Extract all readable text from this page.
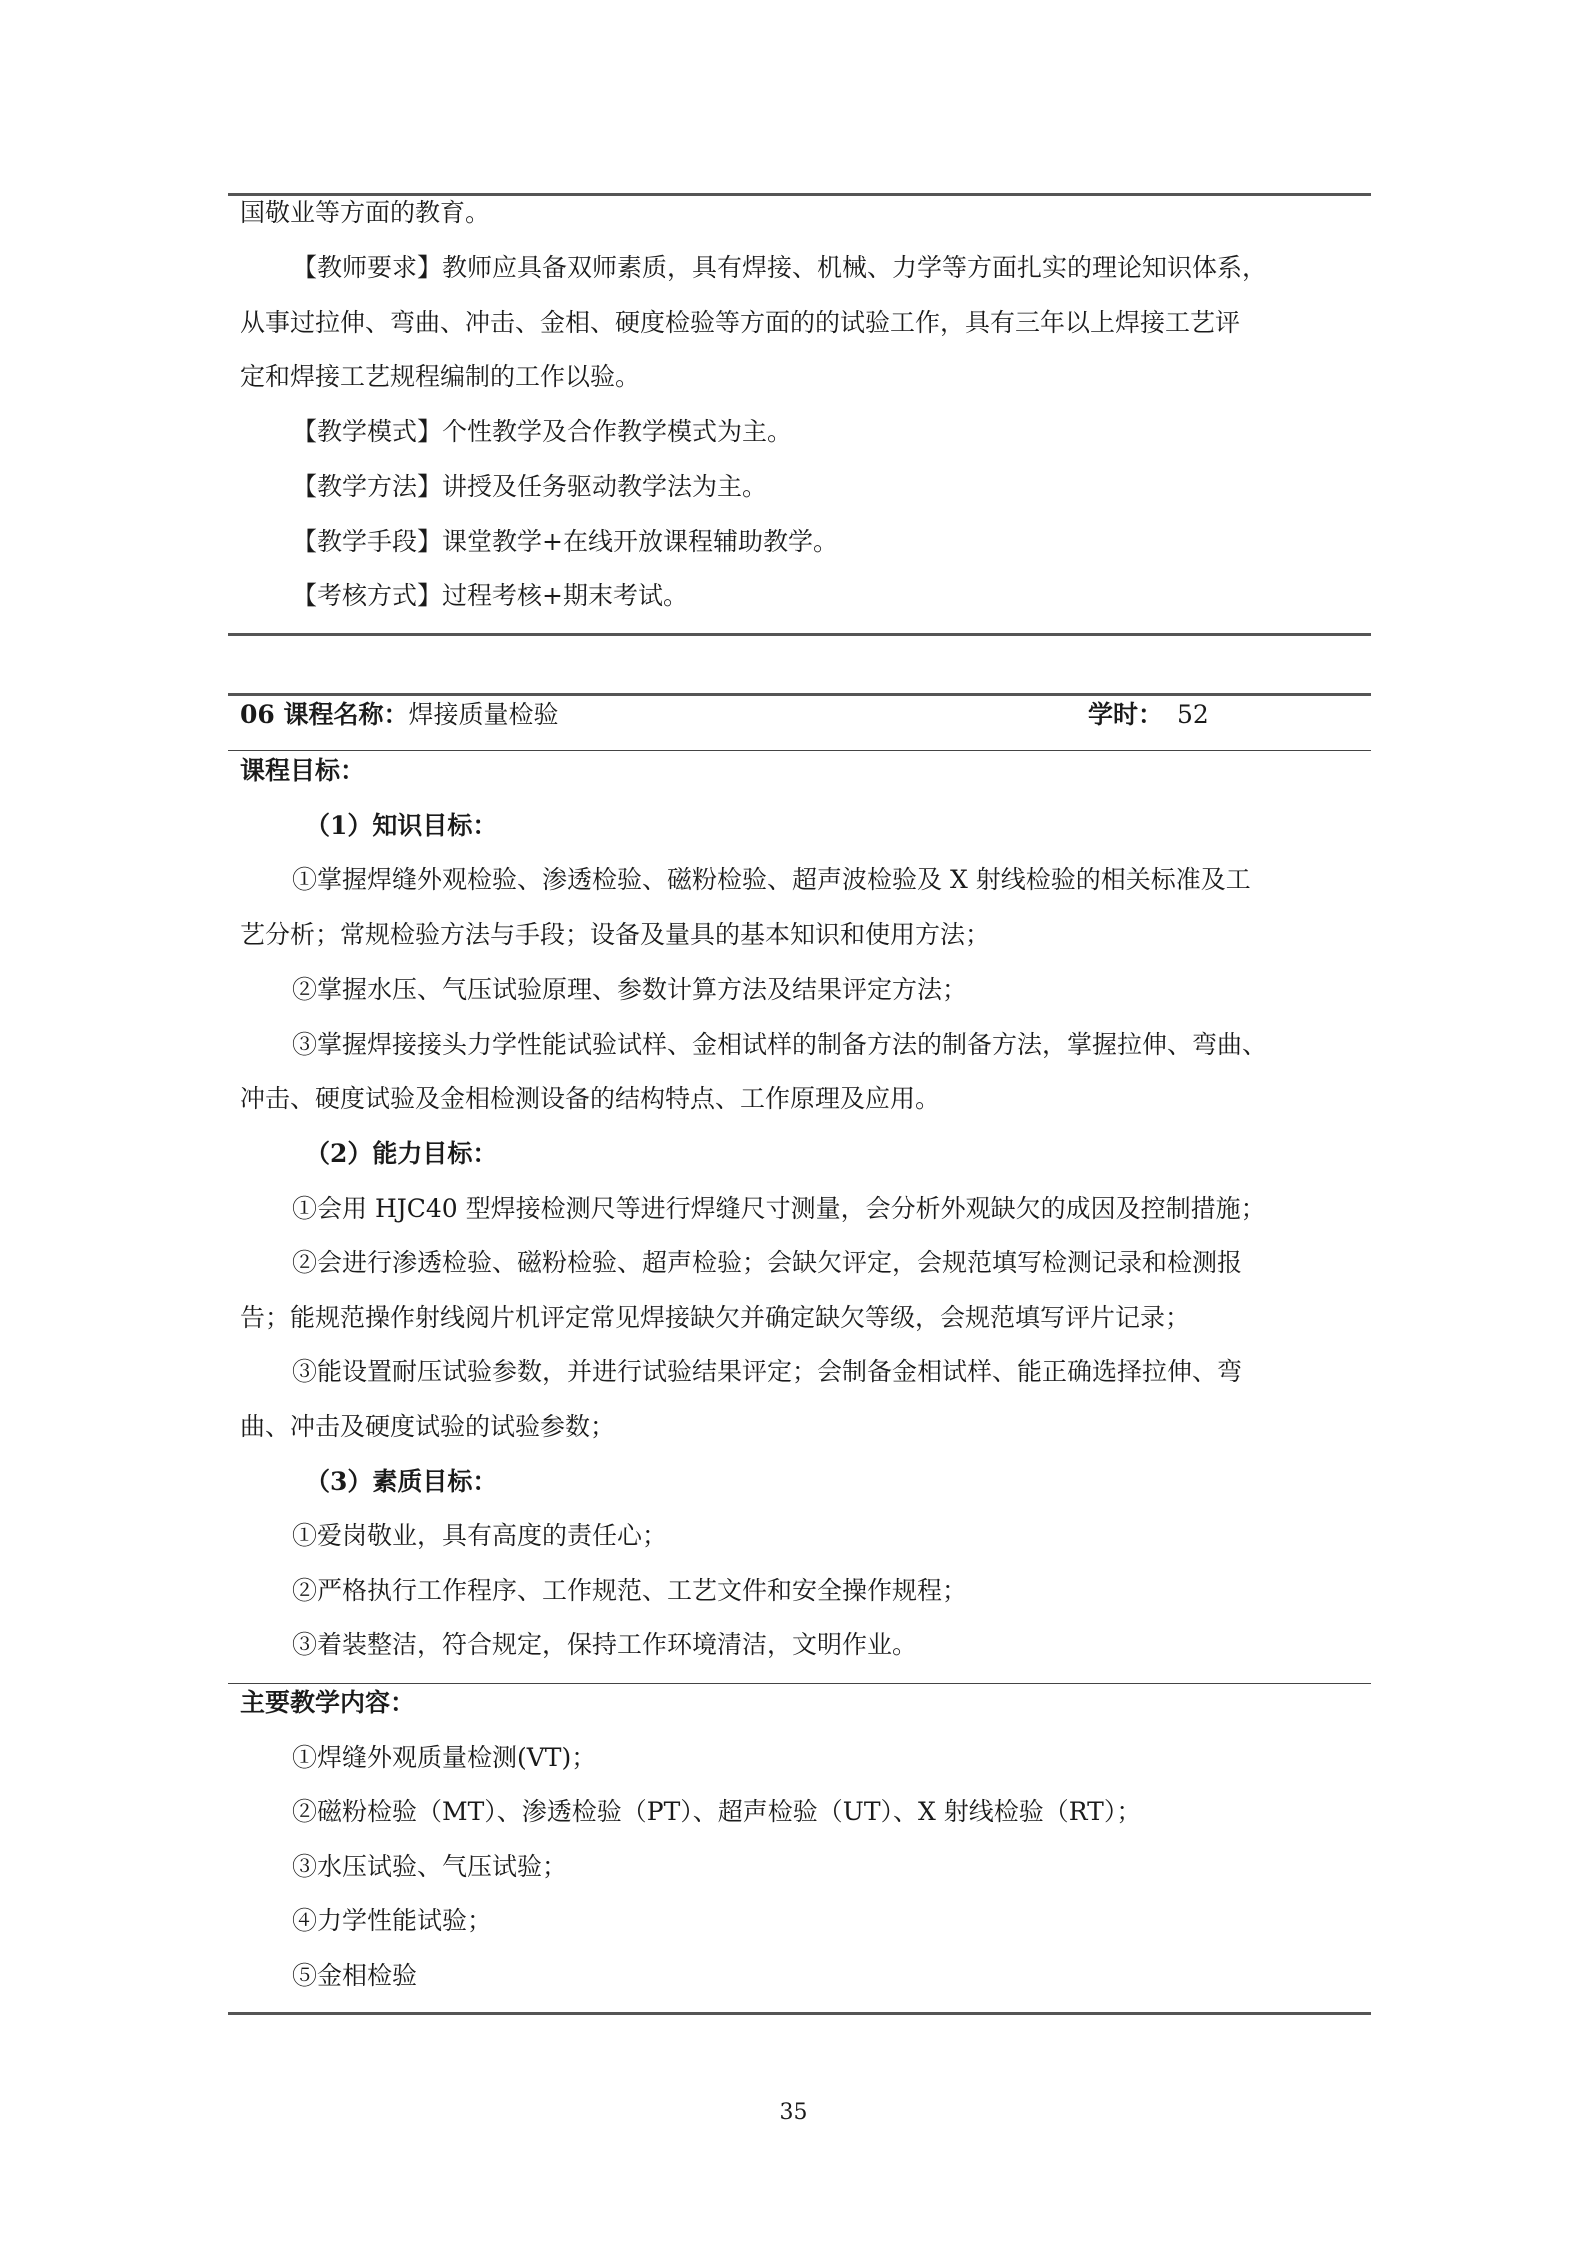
国敬业等方面的教育。
【教师要求】教师应具备双师素质，具有焊接、机械、力学等方面扎实的理论知识体系，
从事过拉伸、弯曲、冲击、金相、硬度检验等方面的的试验工作，具有三年以上焊接工艺评
定和焊接工艺规程编制的工作以验。
【教学模式】个性教学及合作教学模式为主。
【教学方法】讲授及任务驱动教学法为主。
【教学手段】课堂教学+在线开放课程辅助教学。
【考核方式】过程考核+期末考试。
06 课程名称：焊接质量检验	学时： 52
课程目标：
（1）知识目标：
①掌握焊缝外观检验、渗透检验、磁粉检验、超声波检验及 X 射线检验的相关标准及工
艺分析；常规检验方法与手段；设备及量具的基本知识和使用方法；
②掌握水压、气压试验原理、参数计算方法及结果评定方法；
③掌握焊接接头力学性能试验试样、金相试样的制备方法的制备方法，掌握拉伸、弯曲、
冲击、硬度试验及金相检测设备的结构特点、工作原理及应用。
（2）能力目标：
①会用 HJC40 型焊接检测尺等进行焊缝尺寸测量，会分析外观缺欠的成因及控制措施；
②会进行渗透检验、磁粉检验、超声检验；会缺欠评定，会规范填写检测记录和检测报
告；能规范操作射线阅片机评定常见焊接缺欠并确定缺欠等级，会规范填写评片记录；
③能设置耐压试验参数，并进行试验结果评定；会制备金相试样、能正确选择拉伸、弯
曲、冲击及硬度试验的试验参数；
（3）素质目标：
①爱岗敬业，具有高度的责任心；
②严格执行工作程序、工作规范、工艺文件和安全操作规程；
③着装整洁，符合规定，保持工作环境清洁，文明作业。
主要教学内容：
①焊缝外观质量检测(VT)；
②磁粉检验（MT）、渗透检验（PT）、超声检验（UT）、X 射线检验（RT）；
③水压试验、气压试验；
④力学性能试验；
⑤金相检验
35
